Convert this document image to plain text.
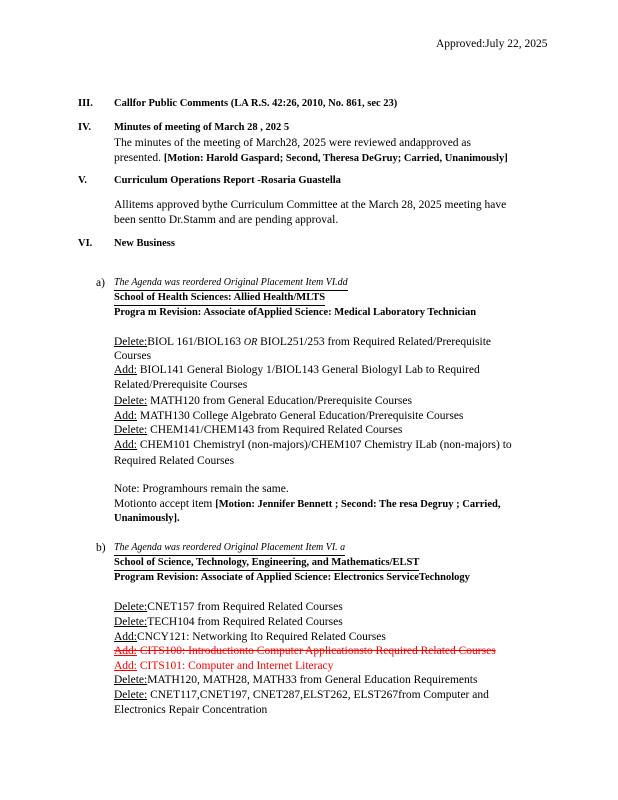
Approved:July 22, 2025
III. Callfor Public Comments (LA R.S. 42:26, 2010, No. 861, sec 23)
IV. Minutes of meeting of March 28 , 202 5
The minutes of the meeting of March28, 2025 were reviewed andapproved as
presented. [Motion: Harold Gaspard; Second, Theresa DeGruy; Carried, Unanimously]
V.	Curriculum Operations Report -Rosaria Guastella
Allitems approved bythe Curriculum Committee at the March 28, 2025 meeting have
been sentto Dr.Stamm and are pending approval.
VI. New Business
a) The Agenda was reordered Original Placement Item VI.dd
School of Health Sciences: Allied Health/MLTS
Progra m Revision: Associate ofApplied Science: Medical Laboratory Technician
Delete:BIOL 161/BIOL163 OR BIOL251/253 from Required Related/Prerequisite
Courses
Add: BIOL141 General Biology 1/BIOL143 General BiologyI Lab to Required
Related/Prerequisite Courses
Delete: MATH120 from General Education/Prerequisite Courses
Add: MATH130 College Algebrato General Education/Prerequisite Courses
Delete: CHEM141/CHEM143 from Required Related Courses
Add: CHEM101 ChemistryI (non-majors)/CHEM107 Chemistry ILab (non-majors) to
Required Related Courses
Note: Programhours remain the same.
Motionto accept item [Motion: Jennifer Bennett ; Second: The resa Degruy ; Carried,
Unanimously].
b) The Agenda was reordered Original Placement Item VI. a
School of Science, Technology, Engineering, and Mathematics/ELST
Program Revision: Associate of Applied Science: Electronics ServiceTechnology
Delete:CNET157 from Required Related Courses
Delete:TECH104 from Required Related Courses
Add:CNCY121: Networking Ito Required Related Courses
Add: CITS100: Introductionto Computer Applicationsto Required Related Courses
Add: CITS101: Computer and Internet Literacy
Delete:MATH120, MATH28, MATH33 from General Education Requirements
Delete: CNET117,CNET197, CNET287,ELST262, ELST267from Computer and
Electronics Repair Concentration
